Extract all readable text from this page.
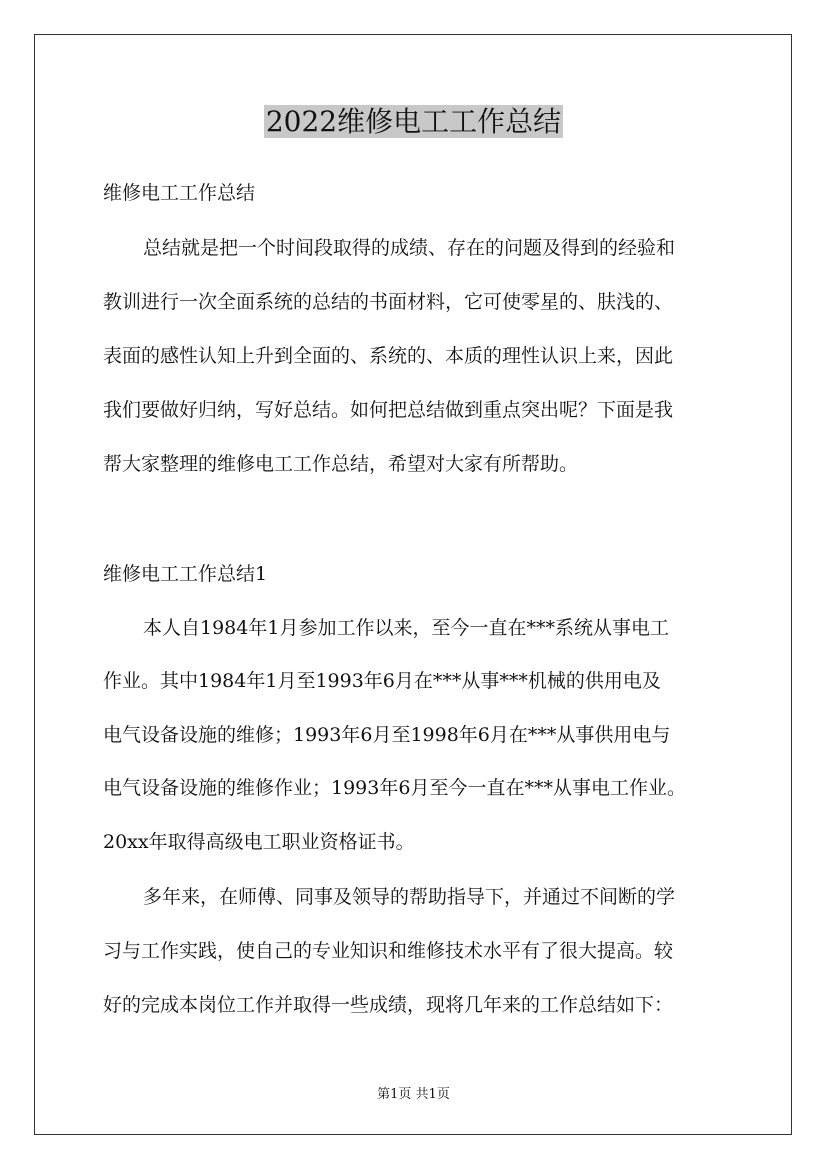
2022维修电工工作总结
维修电工工作总结
总结就是把一个时间段取得的成绩、存在的问题及得到的经验和
教训进行一次全面系统的总结的书面材料，它可使零星的、肤浅的、
表面的感性认知上升到全面的、系统的、本质的理性认识上来，因此
我们要做好归纳，写好总结。如何把总结做到重点突出呢？下面是我
帮大家整理的维修电工工作总结，希望对大家有所帮助。
维修电工工作总结1
本人自1984年1月参加工作以来，至今一直在***系统从事电工
作业。其中1984年1月至1993年6月在***从事***机械的供用电及
电气设备设施的维修；1993年6月至1998年6月在***从事供用电与
电气设备设施的维修作业；1993年6月至今一直在***从事电工作业。
20xx年取得高级电工职业资格证书。
多年来，在师傅、同事及领导的帮助指导下，并通过不间断的学
习与工作实践，使自己的专业知识和维修技术水平有了很大提高。较
好的完成本岗位工作并取得一些成绩，现将几年来的工作总结如下：
第1页 共1页
